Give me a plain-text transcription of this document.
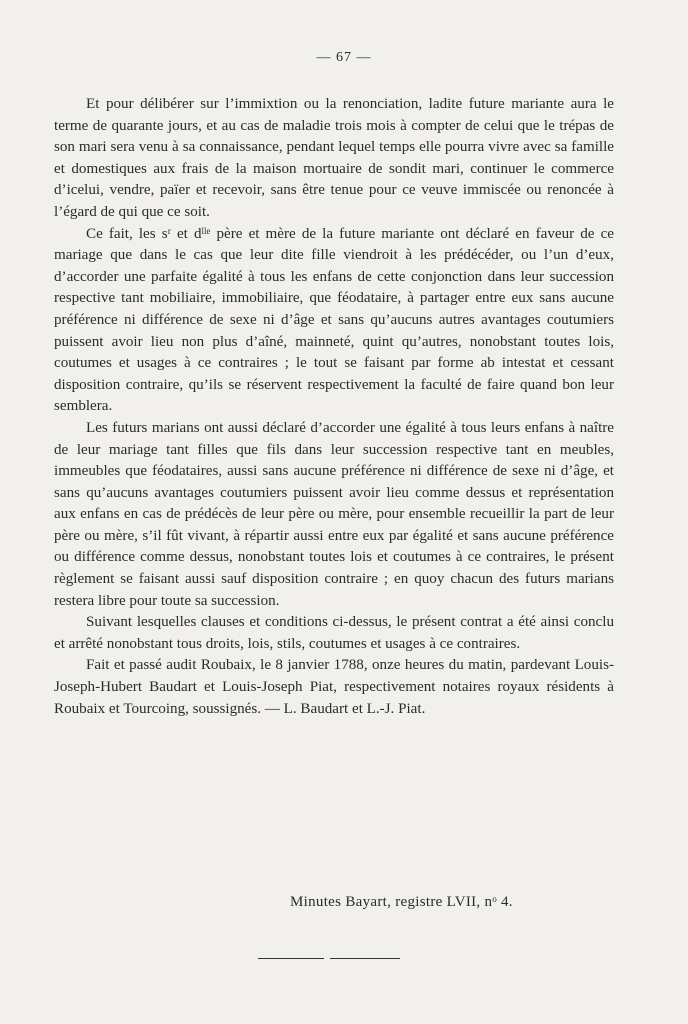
— 67 —

Et pour délibérer sur l’immixtion ou la renonciation, ladite future mariante aura le terme de quarante jours, et au cas de maladie trois mois à compter de celui que le trépas de son mari sera venu à sa connaissance, pendant lequel temps elle pourra vivre avec sa famille et domestiques aux frais de la maison mortuaire de sondit mari, continuer le commerce d’icelui, vendre, païer et recevoir, sans être tenue pour ce veuve immiscée ou renoncée à l’égard de qui que ce soit.

Ce fait, les sʳ et dˡˡᵉ père et mère de la future mariante ont déclaré en faveur de ce mariage que dans le cas que leur dite fille viendroit à les prédécéder, ou l’un d’eux, d’accorder une parfaite égalité à tous les enfans de cette conjonction dans leur succession respective tant mobiliaire, immobiliaire, que féodataire, à partager entre eux sans aucune préférence ni différence de sexe ni d’âge et sans qu’aucuns autres avantages coutumiers puissent avoir lieu non plus d’aîné, mainneté, quint qu’autres, nonobstant toutes lois, coutumes et usages à ce contraires ; le tout se faisant par forme ab intestat et cessant disposition contraire, qu’ils se réservent respectivement la faculté de faire quand bon leur semblera.

Les futurs marians ont aussi déclaré d’accorder une égalité à tous leurs enfans à naître de leur mariage tant filles que fils dans leur succession respective tant en meubles, immeubles que féodataires, aussi sans aucune préférence ni différence de sexe ni d’âge, et sans qu’aucuns avantages coutumiers puissent avoir lieu comme dessus et représentation aux enfans en cas de prédécès de leur père ou mère, pour ensemble recueillir la part de leur père ou mère, s’il fût vivant, à répartir aussi entre eux par égalité et sans aucune préférence ou différence comme dessus, nonobstant toutes lois et coutumes à ce contraires, le présent règlement se faisant aussi sauf disposition contraire ; en quoy chacun des futurs marians restera libre pour toute sa succession.

Suivant lesquelles clauses et conditions ci-dessus, le présent contrat a été ainsi conclu et arrêté nonobstant tous droits, lois, stils, coutumes et usages à ce contraires.

Fait et passé audit Roubaix, le 8 janvier 1788, onze heures du matin, pardevant Louis-Joseph-Hubert Baudart et Louis-Joseph Piat, respectivement notaires royaux résidents à Roubaix et Tourcoing, soussignés. — L. Baudart et L.-J. Piat.

Minutes Bayart, registre LVII, nᵒ 4.
